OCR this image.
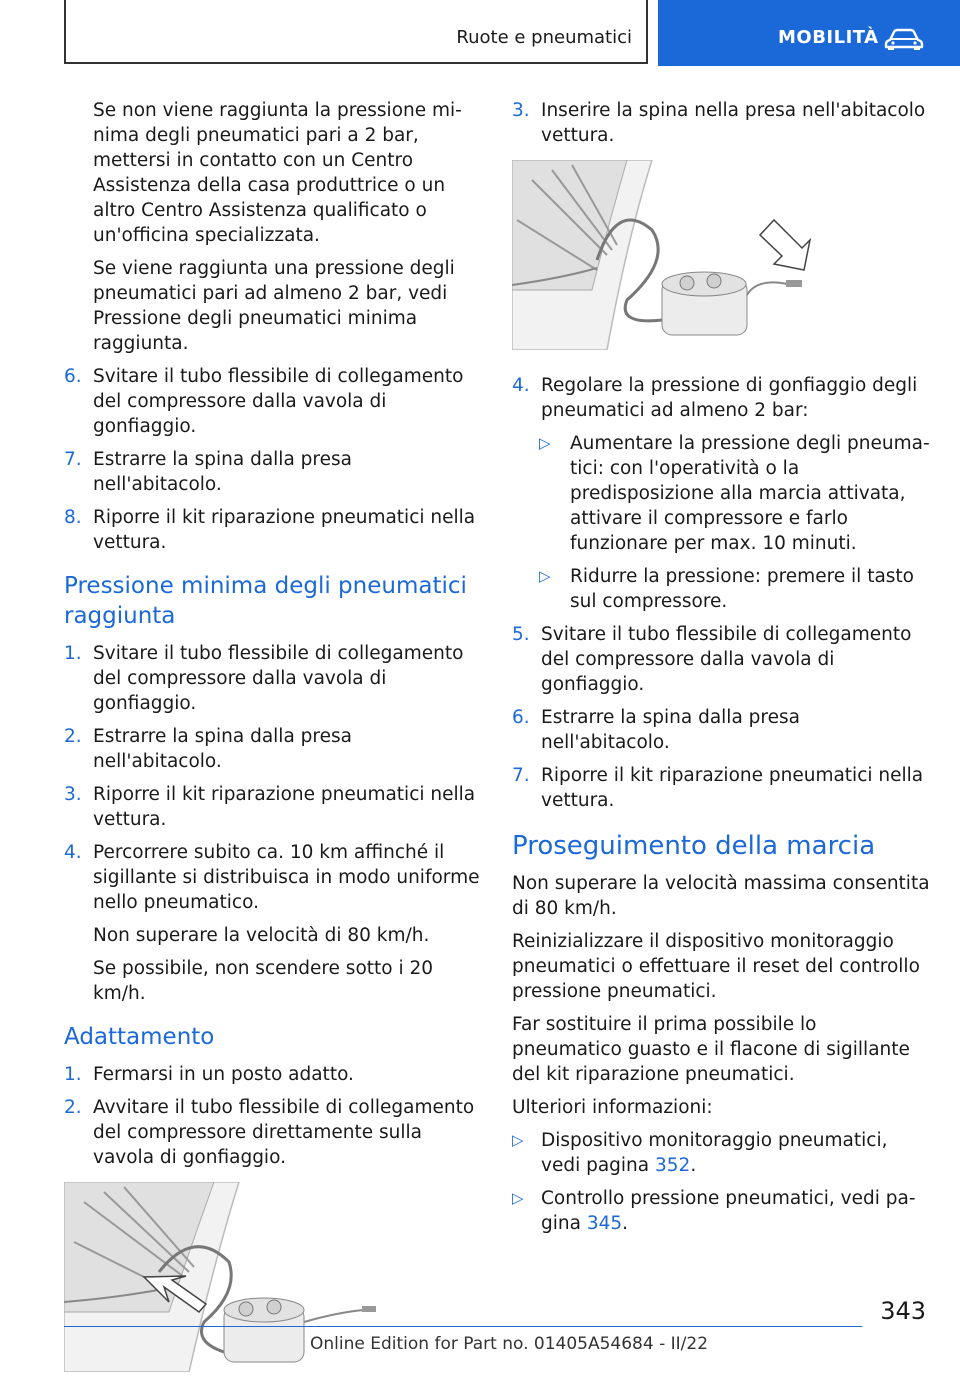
Ruote e pneumatici	MOBILITÀ

Se non viene raggiunta la pressione minima degli pneumatici pari a 2 bar, mettersi in contatto con un Centro Assistenza della casa produttrice o un altro Centro Assistenza qualificato o un'officina specializzata.

Se viene raggiunta una pressione degli pneumatici pari ad almeno 2 bar, vedi Pressione degli pneumatici minima raggiunta.

6. Svitare il tubo flessibile di collegamento del compressore dalla vavola di gonfiaggio.
7. Estrarre la spina dalla presa nell'abitacolo.
8. Riporre il kit riparazione pneumatici nella vettura.
Pressione minima degli pneumatici raggiunta
1. Svitare il tubo flessibile di collegamento del compressore dalla vavola di gonfiaggio.
2. Estrarre la spina dalla presa nell'abitacolo.
3. Riporre il kit riparazione pneumatici nella vettura.
4. Percorrere subito ca. 10 km affinché il sigillante si distribuisca in modo uniforme nello pneumatico.

Non superare la velocità di 80 km/h.

Se possibile, non scendere sotto i 20 km/h.

Adattamento
1. Fermarsi in un posto adatto.
2. Avvitare il tubo flessibile di collegamento del compressore direttamente sulla vavola di gonfiaggio.
3. Inserire la spina nella presa nell'abitacolo vettura.
4. Regolare la pressione di gonfiaggio degli pneumatici ad almeno 2 bar:
▷ Aumentare la pressione degli pneumatici: con l'operatività o la predisposizione alla marcia attivata, attivare il compressore e farlo funzionare per max. 10 minuti.
▷ Ridurre la pressione: premere il tasto sul compressore.
5. Svitare il tubo flessibile di collegamento del compressore dalla vavola di gonfiaggio.
6. Estrarre la spina dalla presa nell'abitacolo.
7. Riporre il kit riparazione pneumatici nella vettura.
Proseguimento della marcia

Non superare la velocità massima consentita di 80 km/h.

Reinizializzare il dispositivo monitoraggio pneumatici o effettuare il reset del controllo pressione pneumatici.

Far sostituire il prima possibile lo pneumatico guasto e il flacone di sigillante del kit riparazione pneumatici.

Ulteriori informazioni:

▷ Dispositivo monitoraggio pneumatici, vedi pagina 352.
▷ Controllo pressione pneumatici, vedi pagina 345.
343
Online Edition for Part no. 01405A54684 - II/22
